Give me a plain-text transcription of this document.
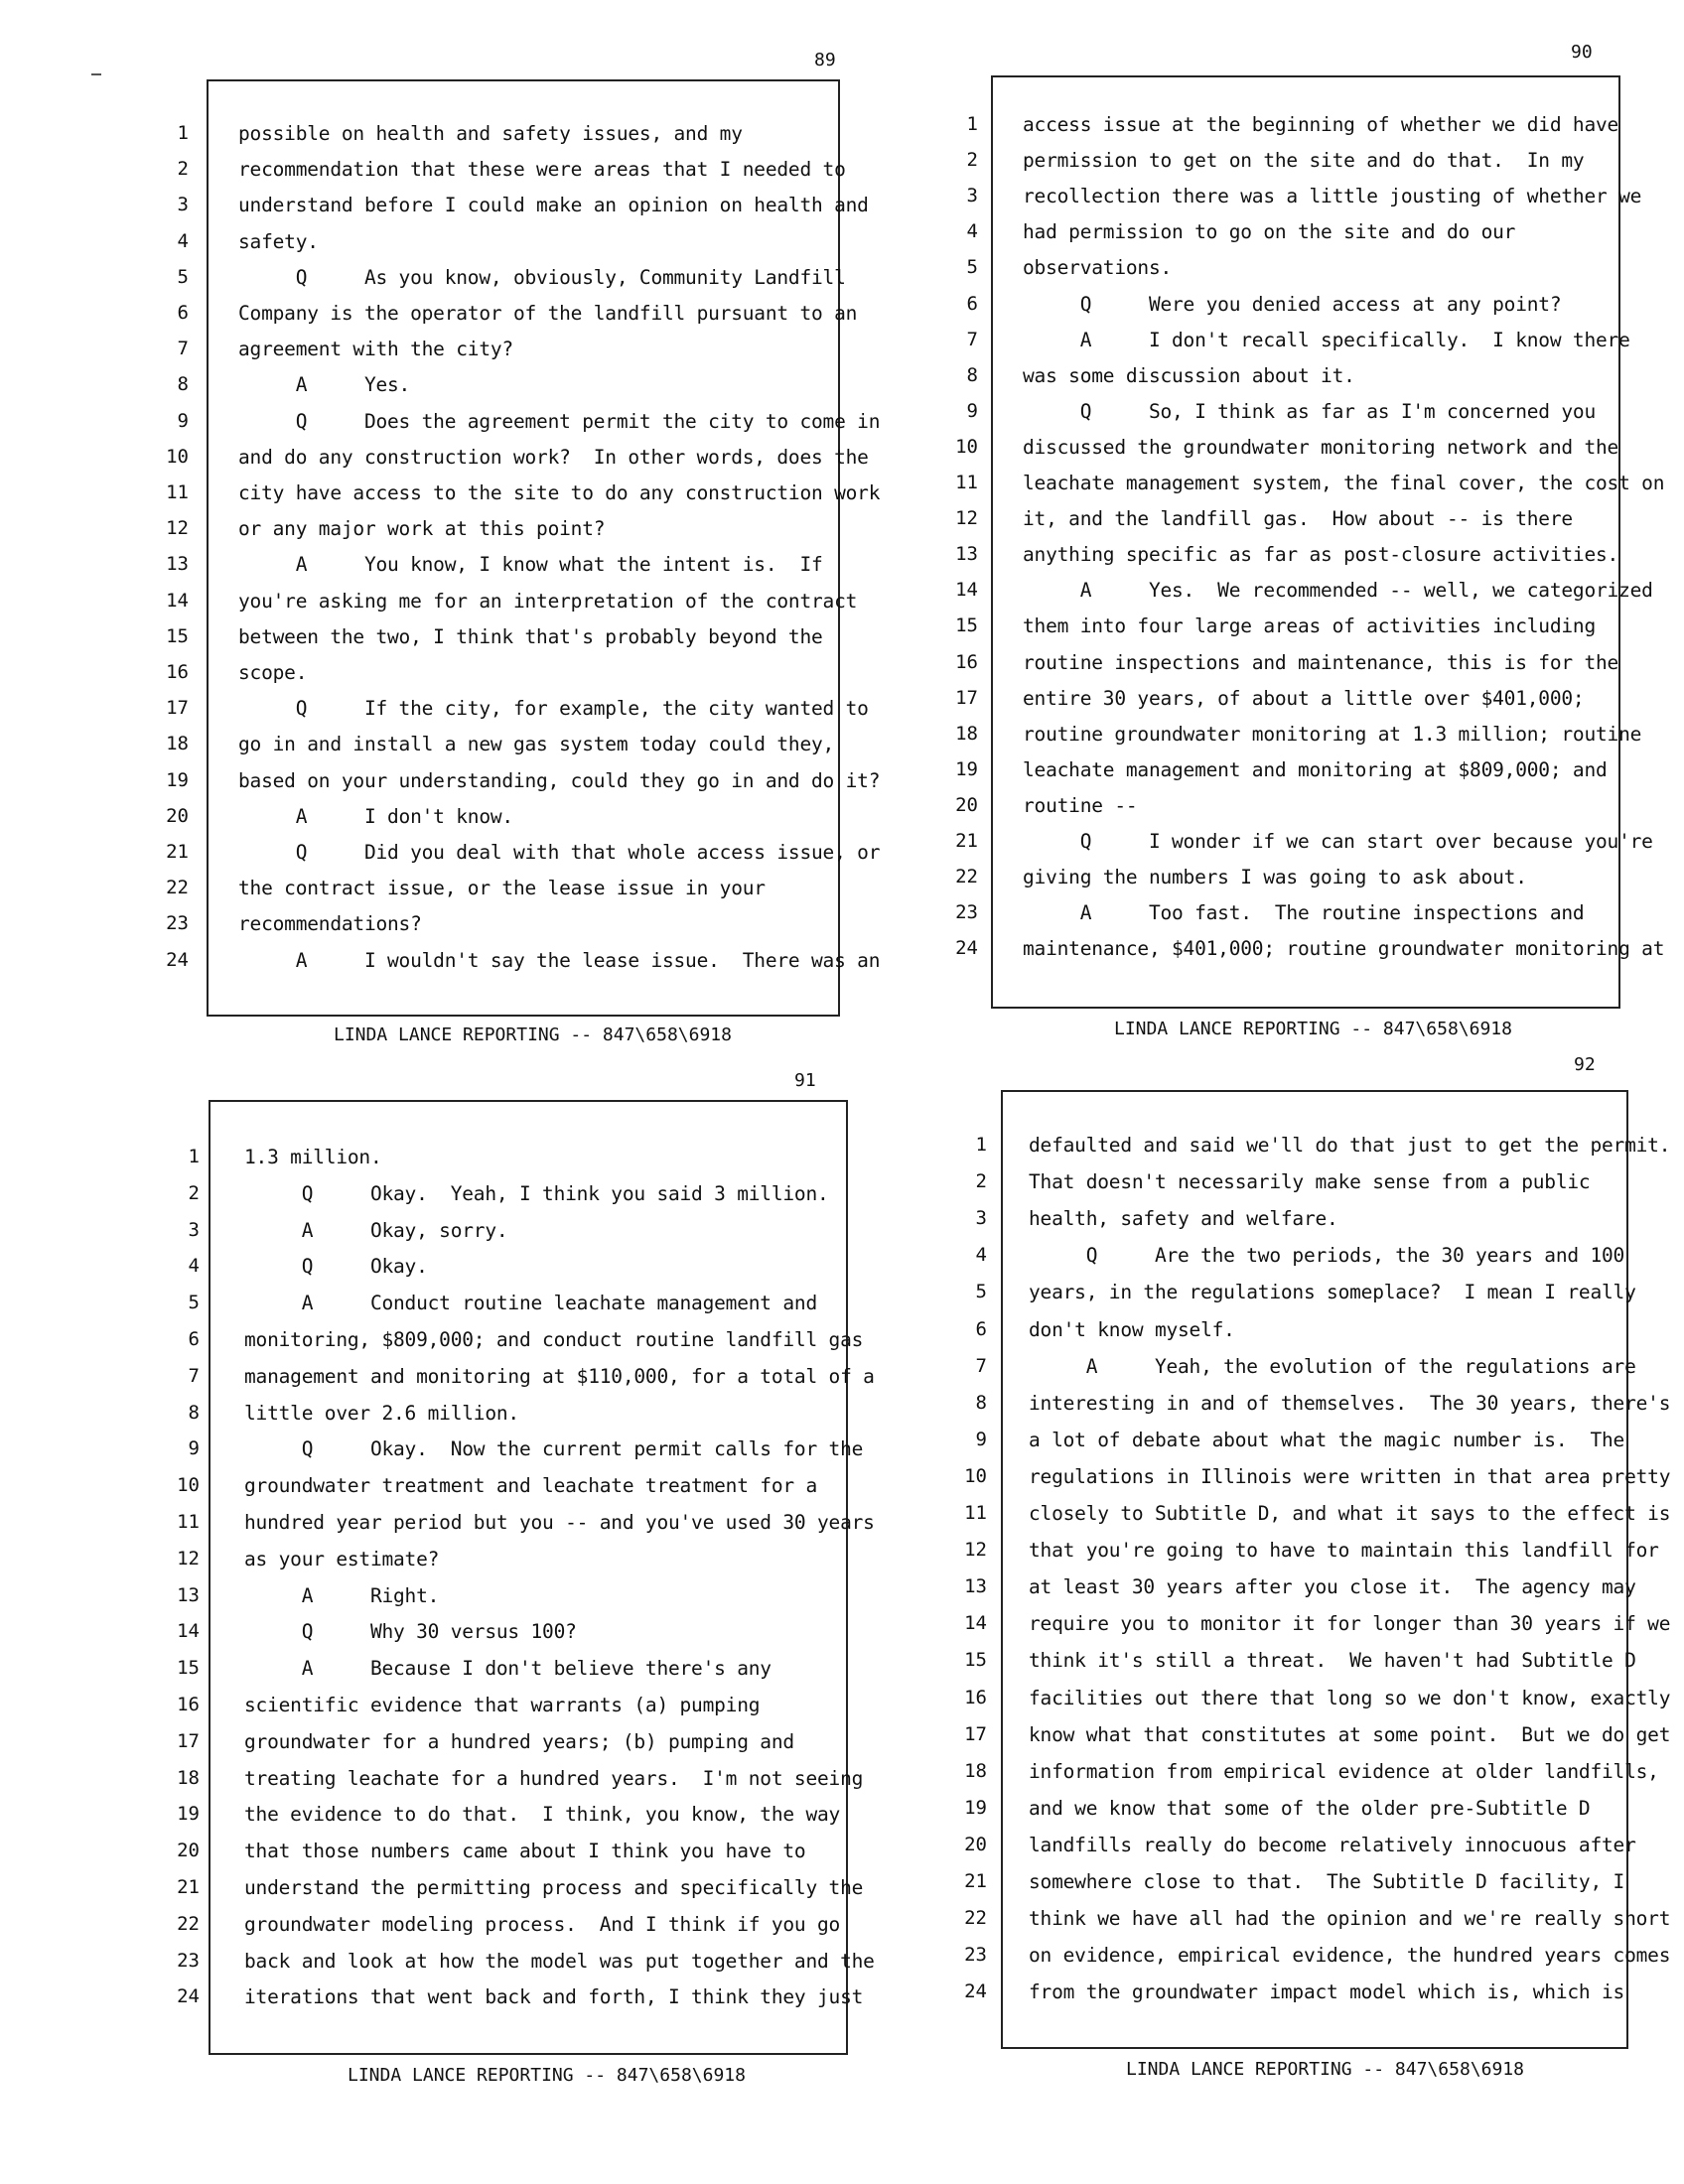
89
1	possible on health and safety issues, and my
2	recommendation that these were areas that I needed to
3	understand before I could make an opinion on health and
4	safety.
5	Q     As you know, obviously, Community Landfill
6	Company is the operator of the landfill pursuant to an
7	agreement with the city?
8	A     Yes.
9	Q     Does the agreement permit the city to come in
10	and do any construction work?  In other words, does the
11	city have access to the site to do any construction work
12	or any major work at this point?
13	A     You know, I know what the intent is.  If
14	you're asking me for an interpretation of the contract
15	between the two, I think that's probably beyond the
16	scope.
17	Q     If the city, for example, the city wanted to
18	go in and install a new gas system today could they,
19	based on your understanding, could they go in and do it?
20	A     I don't know.
21	Q     Did you deal with that whole access issue, or
22	the contract issue, or the lease issue in your
23	recommendations?
24	A     I wouldn't say the lease issue.  There was an
LINDA LANCE REPORTING -- 847\658\6918
90
1 access issue at the beginning of whether we did have
2 permission to get on the site and do that.  In my
3 recollection there was a little jousting of whether we
4 had permission to go on the site and do our
5 observations.
6 Q     Were you denied access at any point?
7 A     I don't recall specifically.  I know there
8 was some discussion about it.
9 Q     So, I think as far as I'm concerned you
10 discussed the groundwater monitoring network and the
11 leachate management system, the final cover, the cost on
12 it, and the landfill gas.  How about -- is there
13 anything specific as far as post-closure activities.
14 A     Yes.  We recommended -- well, we categorized
15 them into four large areas of activities including
16 routine inspections and maintenance, this is for the
17 entire 30 years, of about a little over $401,000;
18 routine groundwater monitoring at 1.3 million; routine
19 leachate management and monitoring at $809,000; and
20 routine --
21 Q     I wonder if we can start over because you're
22 giving the numbers I was going to ask about.
23 A     Too fast.  The routine inspections and
24 maintenance, $401,000; routine groundwater monitoring at
LINDA LANCE REPORTING -- 847\658\6918
91
1 1.3 million.
2 Q     Okay.  Yeah, I think you said 3 million.
3 A     Okay, sorry.
4 Q     Okay.
5 A     Conduct routine leachate management and
6 monitoring, $809,000; and conduct routine landfill gas
7 management and monitoring at $110,000, for a total of a
8 little over 2.6 million.
9 Q     Okay.  Now the current permit calls for the
10 groundwater treatment and leachate treatment for a
11 hundred year period but you -- and you've used 30 years
12 as your estimate?
13 A     Right.
14 Q     Why 30 versus 100?
15 A     Because I don't believe there's any
16 scientific evidence that warrants (a) pumping
17 groundwater for a hundred years; (b) pumping and
18 treating leachate for a hundred years.  I'm not seeing
19 the evidence to do that.  I think, you know, the way
20 that those numbers came about I think you have to
21 understand the permitting process and specifically the
22 groundwater modeling process.  And I think if you go
23 back and look at how the model was put together and the
24 iterations that went back and forth, I think they just
LINDA LANCE REPORTING -- 847\658\6918
92
1 defaulted and said we'll do that just to get the permit.
2 That doesn't necessarily make sense from a public
3 health, safety and welfare.
4 Q     Are the two periods, the 30 years and 100
5 years, in the regulations someplace?  I mean I really
6 don't know myself.
7 A     Yeah, the evolution of the regulations are
8 interesting in and of themselves.  The 30 years, there's
9 a lot of debate about what the magic number is.  The
10 regulations in Illinois were written in that area pretty
11 closely to Subtitle D, and what it says to the effect is
12 that you're going to have to maintain this landfill for
13 at least 30 years after you close it.  The agency may
14 require you to monitor it for longer than 30 years if we
15 think it's still a threat.  We haven't had Subtitle D
16 facilities out there that long so we don't know, exactly
17 know what that constitutes at some point.  But we do get
18 information from empirical evidence at older landfills,
19 and we know that some of the older pre-Subtitle D
20 landfills really do become relatively innocuous after
21 somewhere close to that.  The Subtitle D facility, I
22 think we have all had the opinion and we're really short
23 on evidence, empirical evidence, the hundred years comes
24 from the groundwater impact model which is, which is
LINDA LANCE REPORTING -- 847\658\6918
